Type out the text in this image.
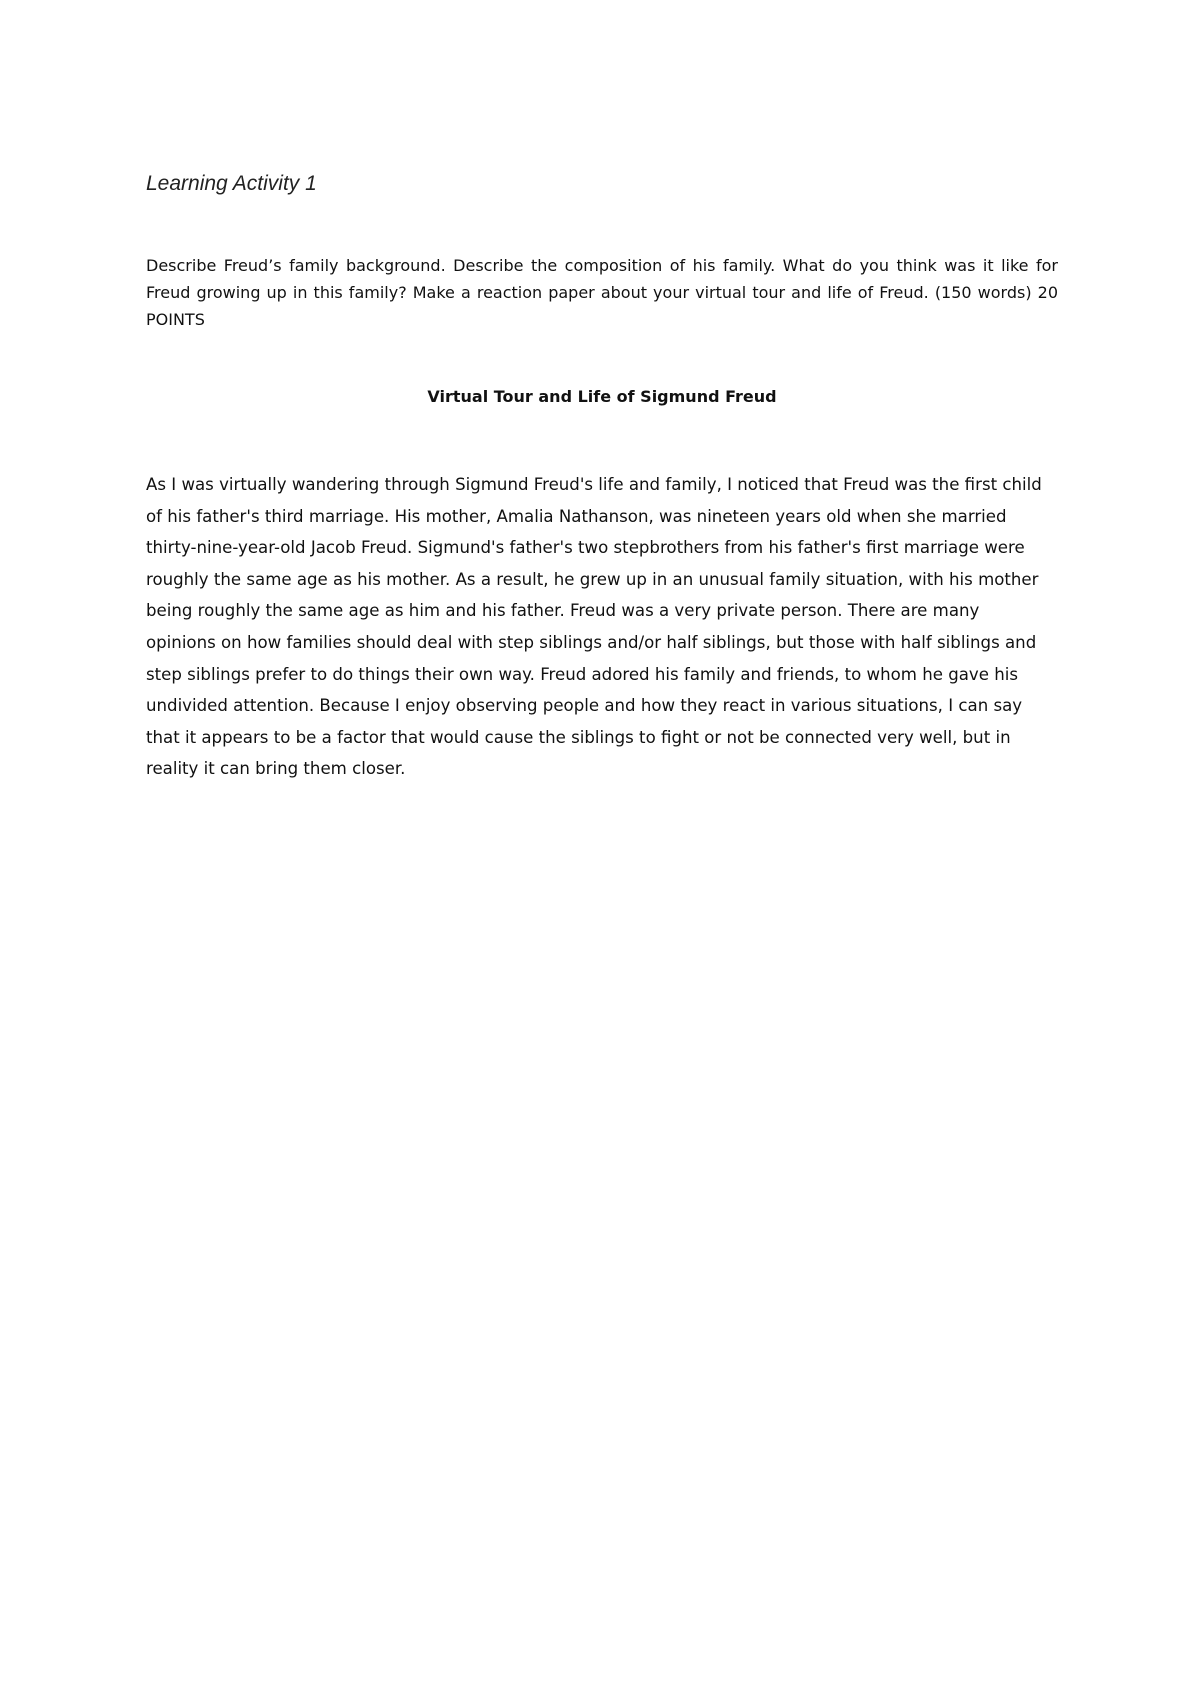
Learning Activity 1
Describe Freud’s family background. Describe the composition of his family. What do you think was it like for Freud growing up in this family? Make a reaction paper about your virtual tour and life of Freud. (150 words) 20 POINTS
Virtual Tour and Life of Sigmund Freud
As I was virtually wandering through Sigmund Freud's life and family, I noticed that Freud was the first child of his father's third marriage. His mother, Amalia Nathanson, was nineteen years old when she married thirty-nine-year-old Jacob Freud. Sigmund's father's two stepbrothers from his father's first marriage were roughly the same age as his mother. As a result, he grew up in an unusual family situation, with his mother being roughly the same age as him and his father. Freud was a very private person. There are many opinions on how families should deal with step siblings and/or half siblings, but those with half siblings and step siblings prefer to do things their own way. Freud adored his family and friends, to whom he gave his undivided attention. Because I enjoy observing people and how they react in various situations, I can say that it appears to be a factor that would cause the siblings to fight or not be connected very well, but in reality it can bring them closer.
